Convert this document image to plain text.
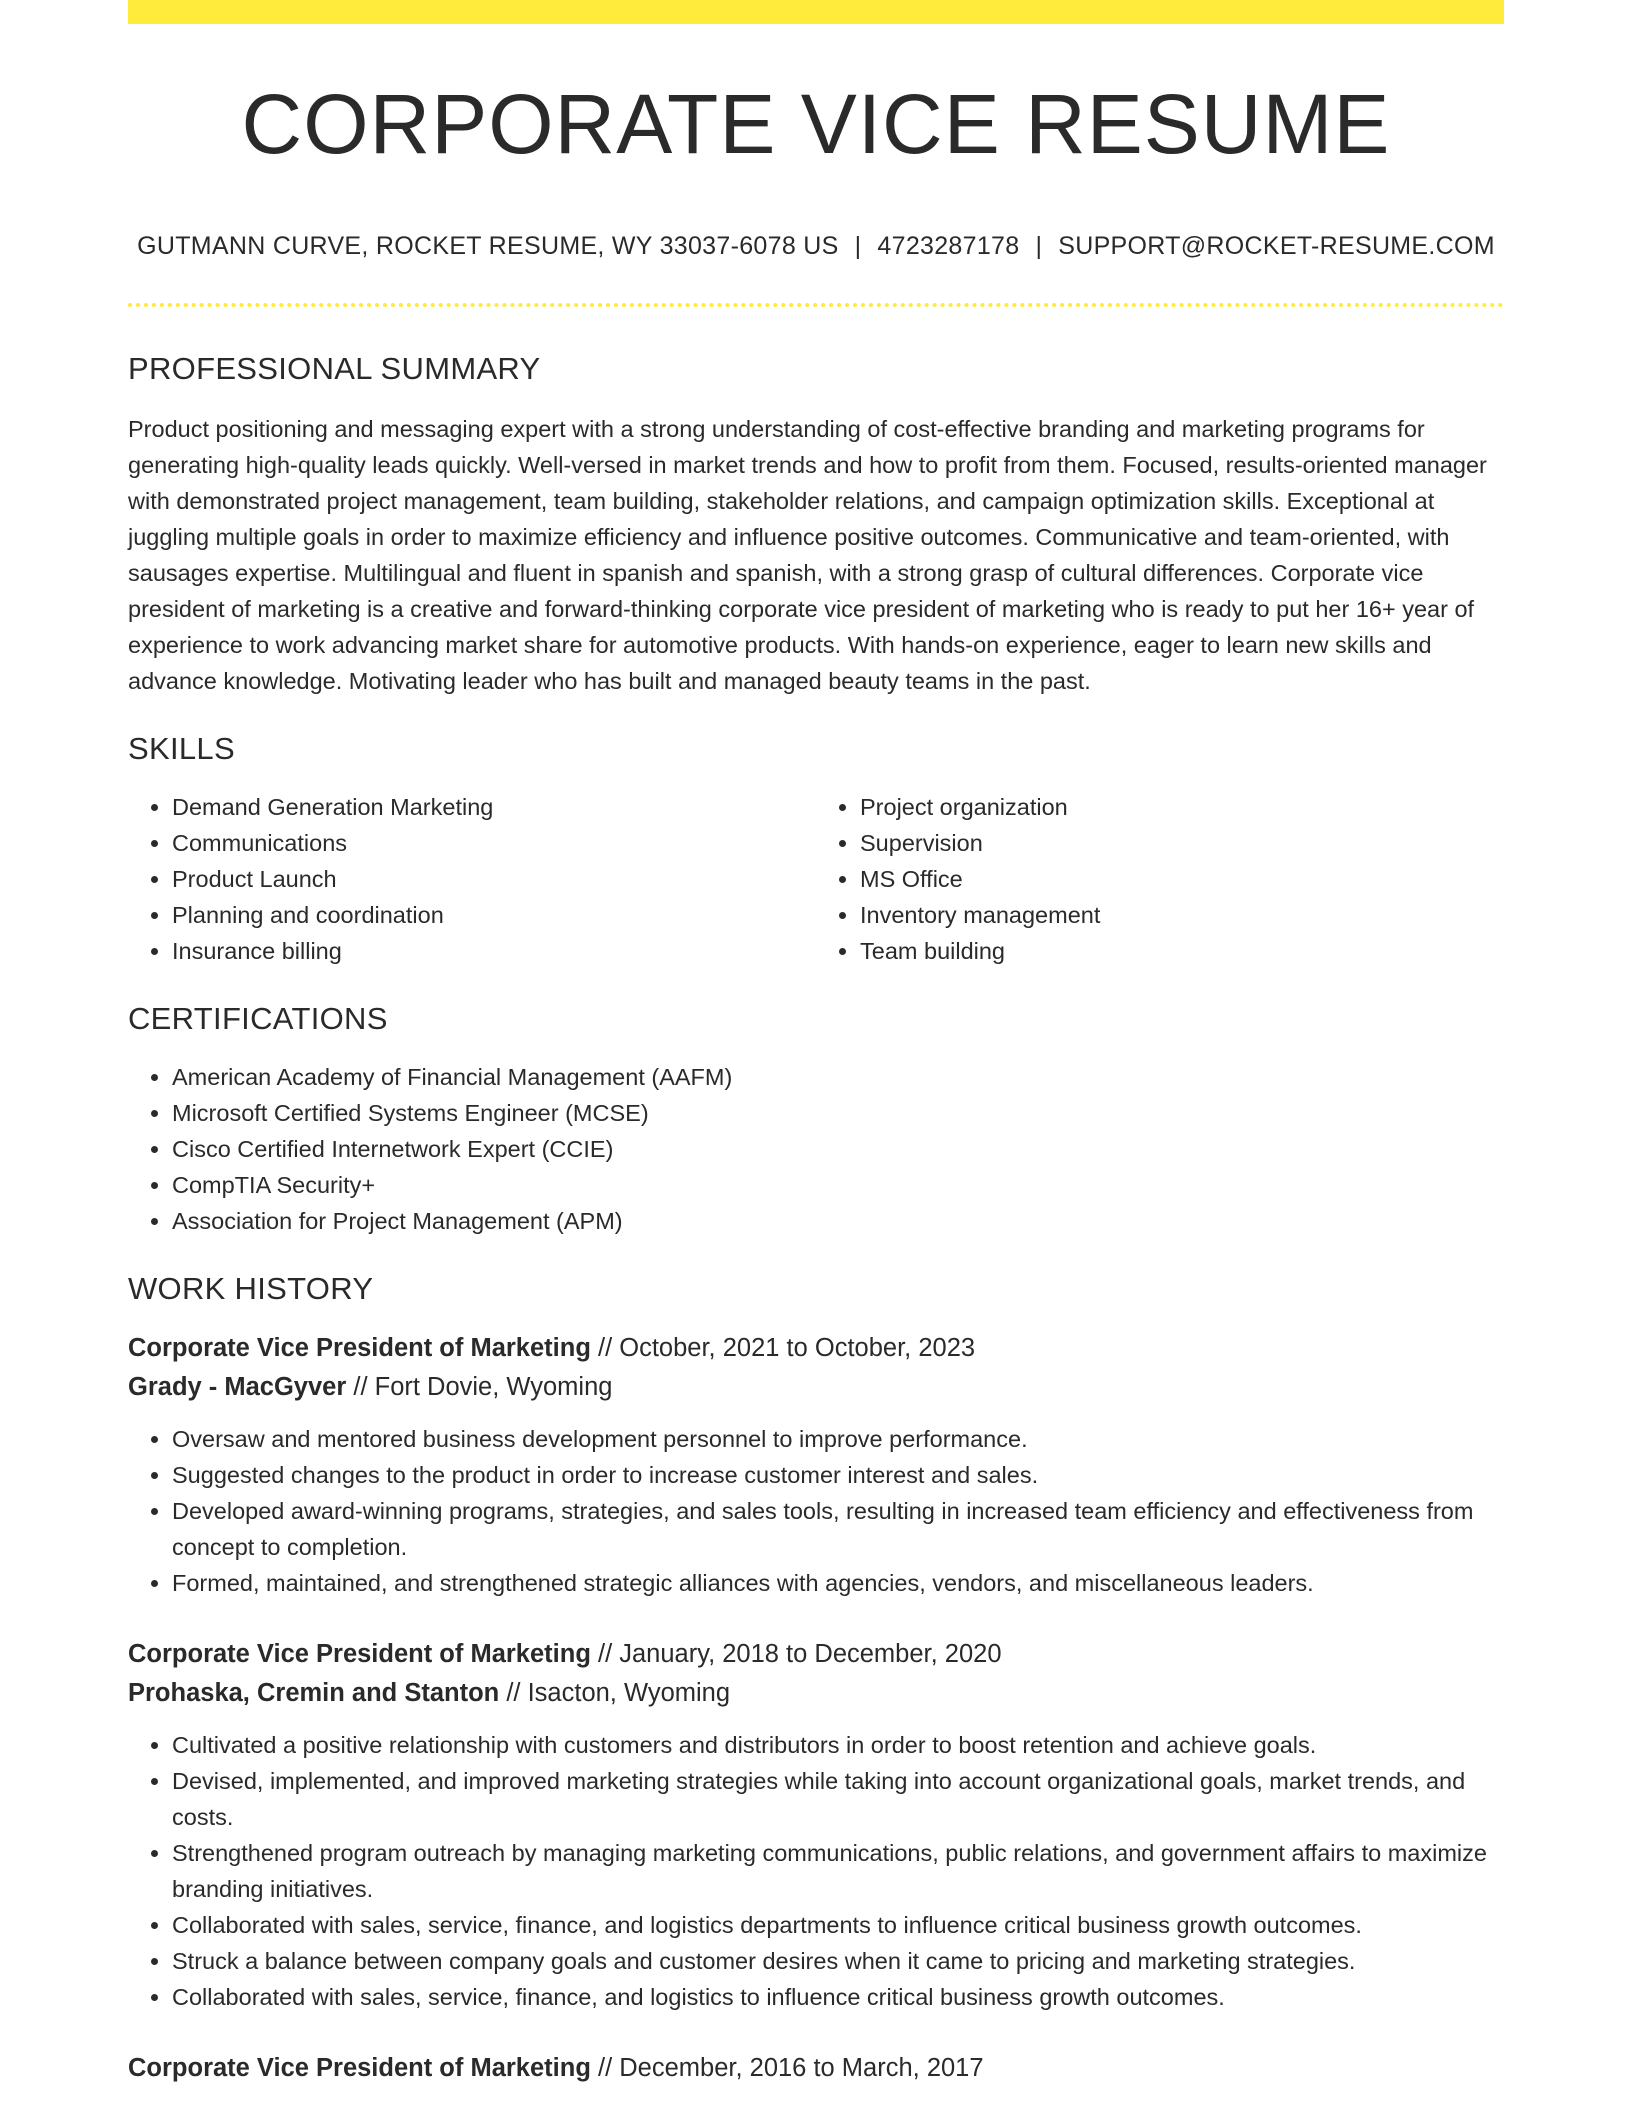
CORPORATE VICE RESUME
GUTMANN CURVE, ROCKET RESUME, WY 33037-6078 US | 4723287178 | SUPPORT@ROCKET-RESUME.COM
PROFESSIONAL SUMMARY
Product positioning and messaging expert with a strong understanding of cost-effective branding and marketing programs for generating high-quality leads quickly. Well-versed in market trends and how to profit from them. Focused, results-oriented manager with demonstrated project management, team building, stakeholder relations, and campaign optimization skills. Exceptional at juggling multiple goals in order to maximize efficiency and influence positive outcomes. Communicative and team-oriented, with sausages expertise. Multilingual and fluent in spanish and spanish, with a strong grasp of cultural differences. Corporate vice president of marketing is a creative and forward-thinking corporate vice president of marketing who is ready to put her 16+ year of experience to work advancing market share for automotive products. With hands-on experience, eager to learn new skills and advance knowledge. Motivating leader who has built and managed beauty teams in the past.
SKILLS
• Demand Generation Marketing
• Communications
• Product Launch
• Planning and coordination
• Insurance billing
• Project organization
• Supervision
• MS Office
• Inventory management
• Team building
CERTIFICATIONS
• American Academy of Financial Management (AAFM)
• Microsoft Certified Systems Engineer (MCSE)
• Cisco Certified Internetwork Expert (CCIE)
• CompTIA Security+
• Association for Project Management (APM)
WORK HISTORY
Corporate Vice President of Marketing // October, 2021 to October, 2023
Grady - MacGyver // Fort Dovie, Wyoming
• Oversaw and mentored business development personnel to improve performance.
• Suggested changes to the product in order to increase customer interest and sales.
• Developed award-winning programs, strategies, and sales tools, resulting in increased team efficiency and effectiveness from concept to completion.
• Formed, maintained, and strengthened strategic alliances with agencies, vendors, and miscellaneous leaders.
Corporate Vice President of Marketing // January, 2018 to December, 2020
Prohaska, Cremin and Stanton // Isacton, Wyoming
• Cultivated a positive relationship with customers and distributors in order to boost retention and achieve goals.
• Devised, implemented, and improved marketing strategies while taking into account organizational goals, market trends, and costs.
• Strengthened program outreach by managing marketing communications, public relations, and government affairs to maximize branding initiatives.
• Collaborated with sales, service, finance, and logistics departments to influence critical business growth outcomes.
• Struck a balance between company goals and customer desires when it came to pricing and marketing strategies.
• Collaborated with sales, service, finance, and logistics to influence critical business growth outcomes.
Corporate Vice President of Marketing // December, 2016 to March, 2017
